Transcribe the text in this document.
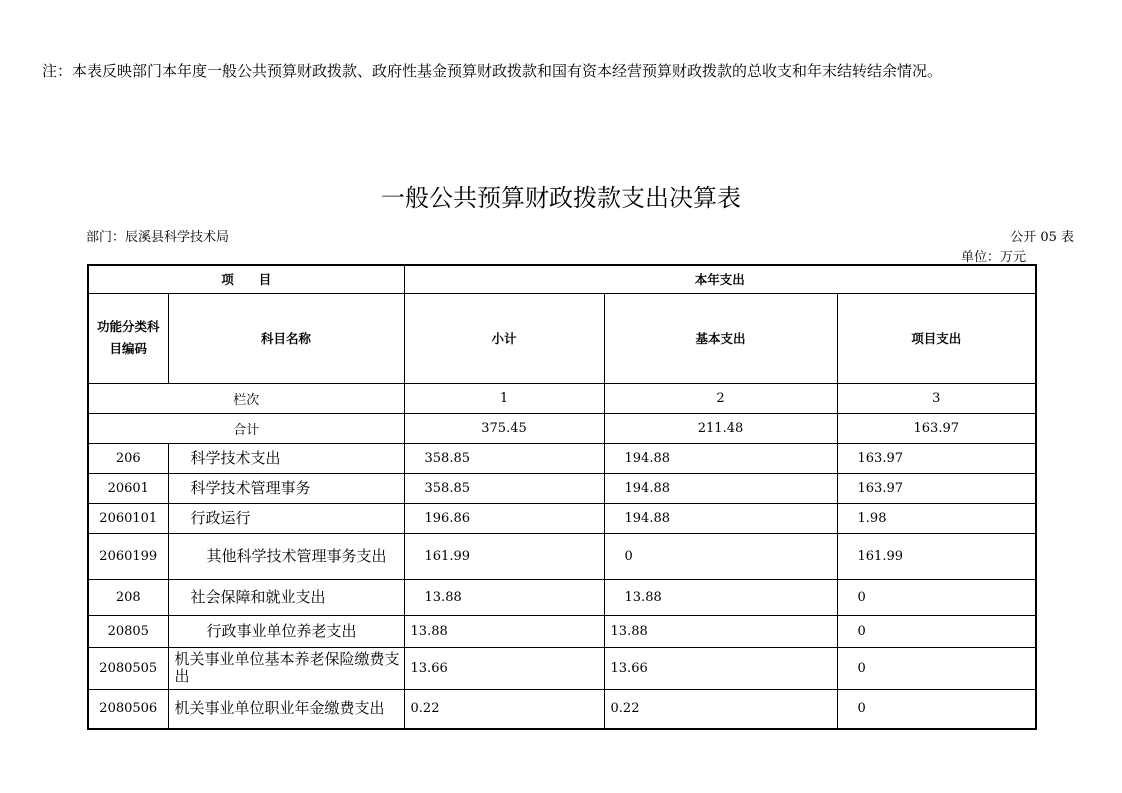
注：本表反映部门本年度一般公共预算财政拨款、政府性基金预算财政拨款和国有资本经营预算财政拨款的总收支和年末结转结余情况。
一般公共预算财政拨款支出决算表
部门：辰溪县科学技术局	公开 05 表
单位：万元
项　　目		本年支出		
功能分类科目编码	科目名称	小计	基本支出	项目支出
栏次		1	2	3
合计		375.45	211.48	163.97
206	科学技术支出	358.85	194.88	163.97
20601	科学技术管理事务	358.85	194.88	163.97
2060101	行政运行	196.86	194.88	1.98
2060199	其他科学技术管理事务支出	161.99	0	161.99
208	社会保障和就业支出	13.88	13.88	0
20805	行政事业单位养老支出	13.88	13.88	0
2080505	机关事业单位基本养老保险缴费支出	13.66	13.66	0
2080506	机关事业单位职业年金缴费支出	0.22	0.22	0
